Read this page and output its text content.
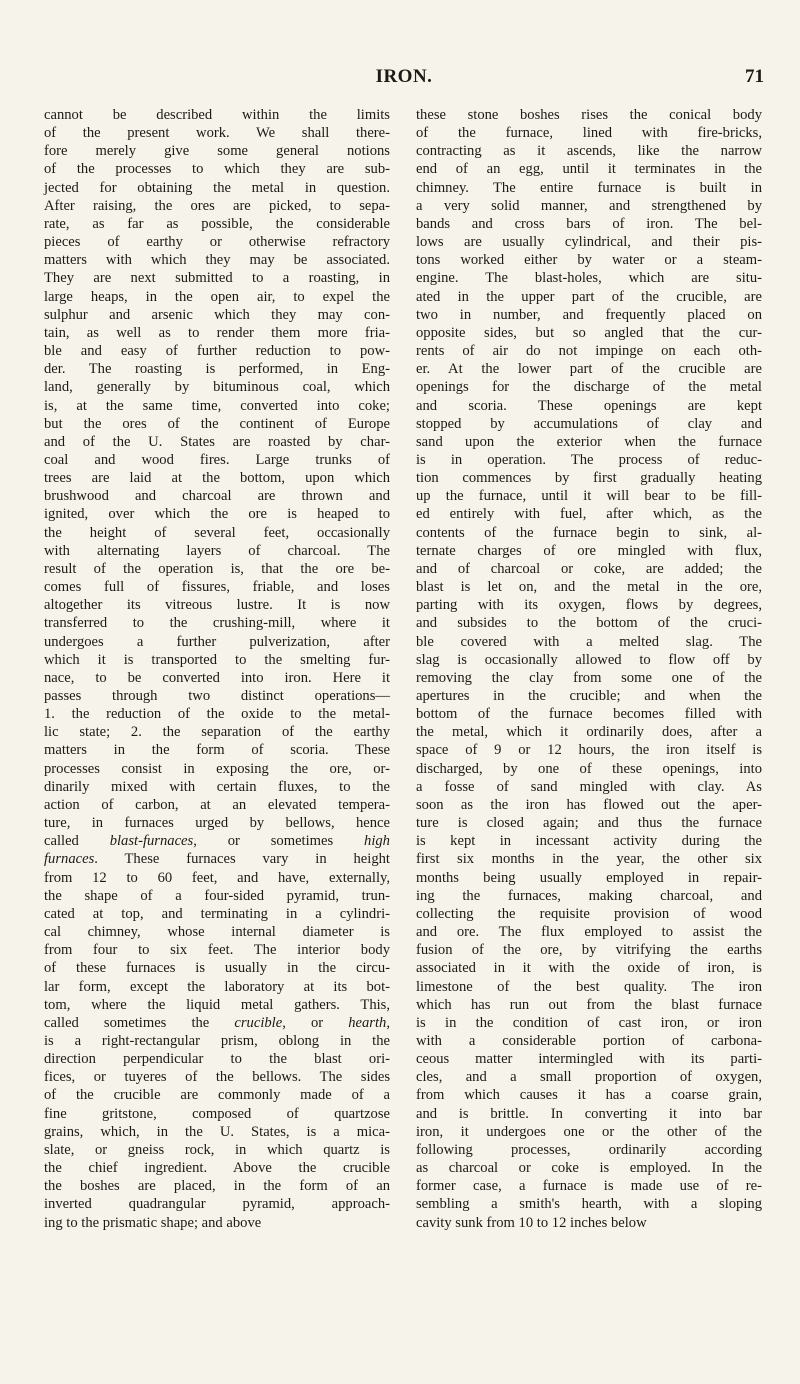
IRON.	71
cannot be described within the limits
of the present work. We shall there-
fore merely give some general notions
of the processes to which they are sub-
jected for obtaining the metal in question.
After raising, the ores are picked, to sepa-
rate, as far as possible, the considerable
pieces of earthy or otherwise refractory
matters with which they may be associated.
They are next submitted to a roasting, in
large heaps, in the open air, to expel the
sulphur and arsenic which they may con-
tain, as well as to render them more fria-
ble and easy of further reduction to pow-
der. The roasting is performed, in Eng-
land, generally by bituminous coal, which
is, at the same time, converted into coke;
but the ores of the continent of Europe
and of the U. States are roasted by char-
coal and wood fires. Large trunks of
trees are laid at the bottom, upon which
brushwood and charcoal are thrown and
ignited, over which the ore is heaped to
the height of several feet, occasionally
with alternating layers of charcoal. The
result of the operation is, that the ore be-
comes full of fissures, friable, and loses
altogether its vitreous lustre. It is now
transferred to the crushing-mill, where it
undergoes a further pulverization, after
which it is transported to the smelting fur-
nace, to be converted into iron. Here it
passes through two distinct operations—
1. the reduction of the oxide to the metal-
lic state; 2. the separation of the earthy
matters in the form of scoria. These
processes consist in exposing the ore, or-
dinarily mixed with certain fluxes, to the
action of carbon, at an elevated tempera-
ture, in furnaces urged by bellows, hence
called blast-furnaces, or sometimes high
furnaces. These furnaces vary in height
from 12 to 60 feet, and have, externally,
the shape of a four-sided pyramid, trun-
cated at top, and terminating in a cylindri-
cal chimney, whose internal diameter is
from four to six feet. The interior body
of these furnaces is usually in the circu-
lar form, except the laboratory at its bot-
tom, where the liquid metal gathers. This,
called sometimes the crucible, or hearth,
is a right-rectangular prism, oblong in the
direction perpendicular to the blast ori-
fices, or tuyeres of the bellows. The sides
of the crucible are commonly made of a
fine gritstone, composed of quartzose
grains, which, in the U. States, is a mica-
slate, or gneiss rock, in which quartz is
the chief ingredient. Above the crucible
the boshes are placed, in the form of an
inverted quadrangular pyramid, approach-
ing to the prismatic shape; and above
these stone boshes rises the conical body
of the furnace, lined with fire-bricks,
contracting as it ascends, like the narrow
end of an egg, until it terminates in the
chimney. The entire furnace is built in
a very solid manner, and strengthened by
bands and cross bars of iron. The bel-
lows are usually cylindrical, and their pis-
tons worked either by water or a steam-
engine. The blast-holes, which are situ-
ated in the upper part of the crucible, are
two in number, and frequently placed on
opposite sides, but so angled that the cur-
rents of air do not impinge on each oth-
er. At the lower part of the crucible are
openings for the discharge of the metal
and scoria. These openings are kept
stopped by accumulations of clay and
sand upon the exterior when the furnace
is in operation. The process of reduc-
tion commences by first gradually heating
up the furnace, until it will bear to be fill-
ed entirely with fuel, after which, as the
contents of the furnace begin to sink, al-
ternate charges of ore mingled with flux,
and of charcoal or coke, are added; the
blast is let on, and the metal in the ore,
parting with its oxygen, flows by degrees,
and subsides to the bottom of the cruci-
ble covered with a melted slag. The
slag is occasionally allowed to flow off by
removing the clay from some one of the
apertures in the crucible; and when the
bottom of the furnace becomes filled with
the metal, which it ordinarily does, after a
space of 9 or 12 hours, the iron itself is
discharged, by one of these openings, into
a fosse of sand mingled with clay. As
soon as the iron has flowed out the aper-
ture is closed again; and thus the furnace
is kept in incessant activity during the
first six months in the year, the other six
months being usually employed in repair-
ing the furnaces, making charcoal, and
collecting the requisite provision of wood
and ore. The flux employed to assist the
fusion of the ore, by vitrifying the earths
associated in it with the oxide of iron, is
limestone of the best quality. The iron
which has run out from the blast furnace
is in the condition of cast iron, or iron
with a considerable portion of carbona-
ceous matter intermingled with its parti-
cles, and a small proportion of oxygen,
from which causes it has a coarse grain,
and is brittle. In converting it into bar
iron, it undergoes one or the other of the
following processes, ordinarily according
as charcoal or coke is employed. In the
former case, a furnace is made use of re-
sembling a smith's hearth, with a sloping
cavity sunk from 10 to 12 inches below
